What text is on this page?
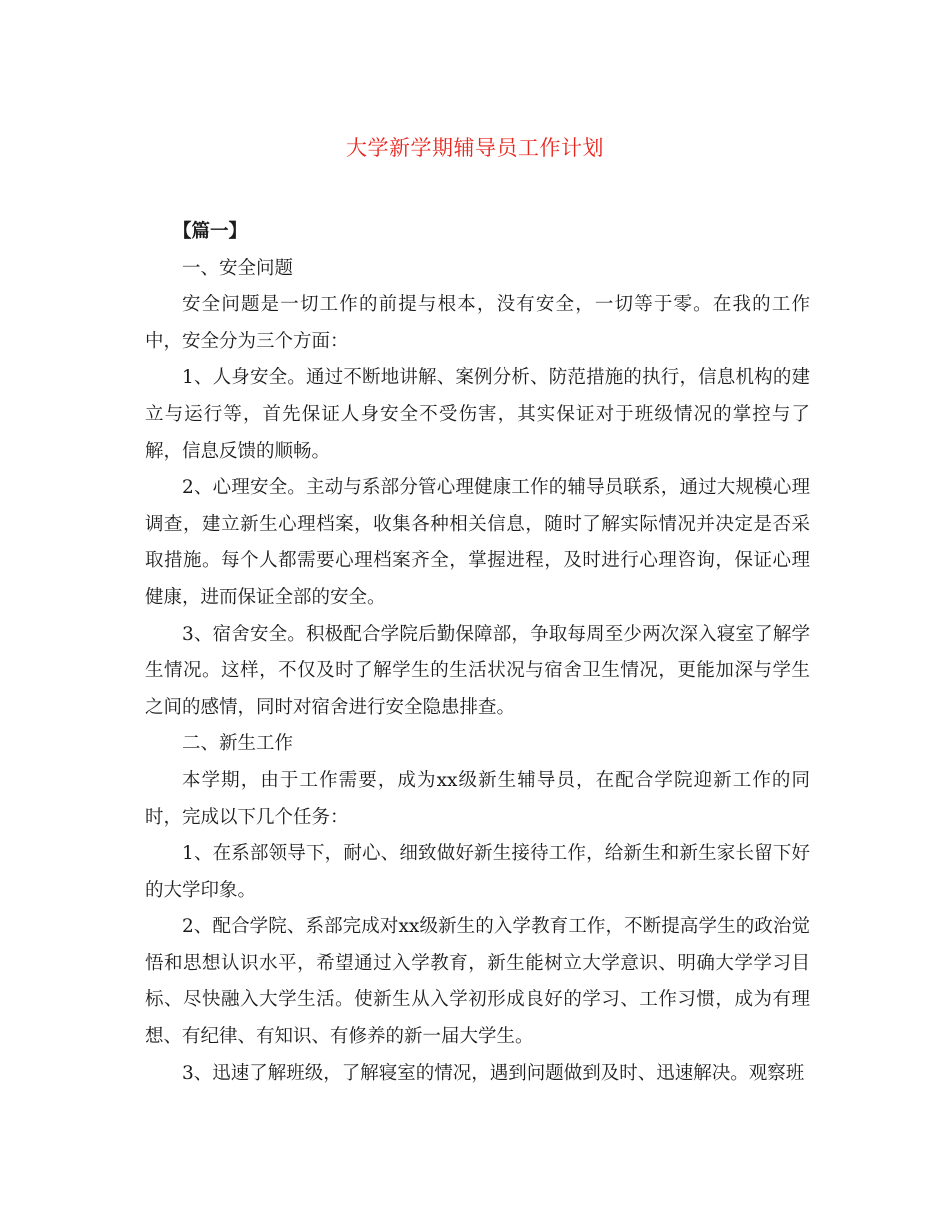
大学新学期辅导员工作计划

【篇一】

一、安全问题

安全问题是一切工作的前提与根本，没有安全，一切等于零。在我的工作中，安全分为三个方面：

1、人身安全。通过不断地讲解、案例分析、防范措施的执行，信息机构的建立与运行等，首先保证人身安全不受伤害，其实保证对于班级情况的掌控与了解，信息反馈的顺畅。

2、心理安全。主动与系部分管心理健康工作的辅导员联系，通过大规模心理调查，建立新生心理档案，收集各种相关信息，随时了解实际情况并决定是否采取措施。每个人都需要心理档案齐全，掌握进程，及时进行心理咨询，保证心理健康，进而保证全部的安全。

3、宿舍安全。积极配合学院后勤保障部，争取每周至少两次深入寝室了解学生情况。这样，不仅及时了解学生的生活状况与宿舍卫生情况，更能加深与学生之间的感情，同时对宿舍进行安全隐患排查。

二、新生工作

本学期，由于工作需要，成为xx级新生辅导员，在配合学院迎新工作的同时，完成以下几个任务：

1、在系部领导下，耐心、细致做好新生接待工作，给新生和新生家长留下好的大学印象。

2、配合学院、系部完成对xx级新生的入学教育工作，不断提高学生的政治觉悟和思想认识水平，希望通过入学教育，新生能树立大学意识、明确大学学习目标、尽快融入大学生活。使新生从入学初形成良好的学习、工作习惯，成为有理想、有纪律、有知识、有修养的新一届大学生。

3、迅速了解班级，了解寝室的情况，遇到问题做到及时、迅速解决。观察班
